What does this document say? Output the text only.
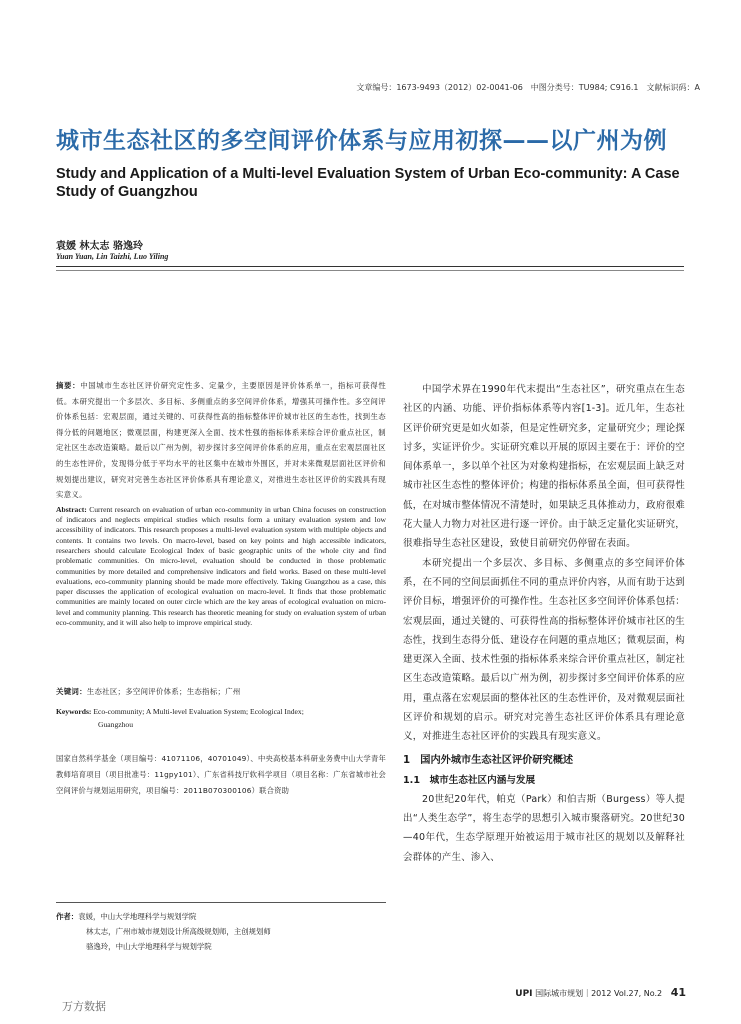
文章编号：1673-9493（2012）02-0041-06　中图分类号：TU984; C916.1　文献标识码：A
城市生态社区的多空间评价体系与应用初探——以广州为例
Study and Application of a Multi-level Evaluation System of Urban Eco-community: A Case Study of Guangzhou
袁媛 林太志 骆逸玲
Yuan Yuan, Lin Taizhi, Luo Yiling

摘要：中国城市生态社区评价研究定性多、定量少，主要原因是评价体系单一，指标可获得性低。本研究提出一个多层次、多目标、多侧重点的多空间评价体系，增强其可操作性。多空间评价体系包括：宏观层面，通过关键的、可获得性高的指标整体评价城市社区的生态性，找到生态得分低的问题地区；微观层面，构建更深入全面、技术性强的指标体系来综合评价重点社区，制定社区生态改造策略。最后以广州为例，初步探讨多空间评价体系的应用，重点在宏观层面社区的生态性评价，发现得分低于平均水平的社区集中在城市外围区，并对未来微观层面社区评价和规划提出建议，研究对完善生态社区评价体系具有理论意义，对推进生态社区评价的实践具有现实意义。

Abstract: Current research on evaluation of urban eco-community in urban China focuses on construction of indicators and neglects empirical studies which results form a unitary evaluation system and low accessibility of indicators. This research proposes a multi-level evaluation system with multiple objects and contents. It contains two levels. On macro-level, based on key points and high accessible indicators, researchers should calculate Ecological Index of basic geographic units of the whole city and find problematic communities. On micro-level, evaluation should be conducted in those problematic communities by more detailed and comprehensive indicators and field works. Based on these multi-level evaluations, eco-community planning should be made more effectively. Taking Guangzhou as a case, this paper discusses the application of ecological evaluation on macro-level. It finds that those problematic communities are mainly located on outer circle which are the key areas of ecological evaluation on micro-level and community planning. This research has theoretic meaning for study on evaluation system of urban eco-community, and it will also help to improve empirical study.

关键词：生态社区；多空间评价体系；生态指标；广州
Keywords: Eco-community; A Multi-level Evaluation System; Ecological Index;
Guangzhou

国家自然科学基金（项目编号：41071106，40701049）、中央高校基本科研业务费中山大学青年教师培育项目（项目批准号：11gpy101）、广东省科技厅软科学项目（项目名称：广东省城市社会空间评价与规划运用研究，项目编号：2011B070300106）联合资助

作者：袁媛，中山大学地理科学与规划学院
林太志，广州市城市规划设计所高级规划师，主创规划师
骆逸玲，中山大学地理科学与规划学院

中国学术界在1990年代末提出“生态社区”，研究重点在生态社区的内涵、功能、评价指标体系等内容[1-3]。近几年，生态社区评价研究更是如火如荼，但是定性研究多，定量研究少；理论探讨多，实证评价少。实证研究难以开展的原因主要在于：评价的空间体系单一，多以单个社区为对象构建指标，在宏观层面上缺乏对城市社区生态性的整体评价；构建的指标体系虽全面，但可获得性低，在对城市整体情况不清楚时，如果缺乏具体推动力，政府很难花大量人力物力对社区进行逐一评价。由于缺乏定量化实证研究，很难指导生态社区建设，致使目前研究仍停留在表面。

本研究提出一个多层次、多目标、多侧重点的多空间评价体系，在不同的空间层面抓住不同的重点评价内容，从而有助于达到评价目标，增强评价的可操作性。生态社区多空间评价体系包括：宏观层面，通过关键的、可获得性高的指标整体评价城市社区的生态性，找到生态得分低、建设存在问题的重点地区；微观层面，构建更深入全面、技术性强的指标体系来综合评价重点社区，制定社区生态改造策略。最后以广州为例，初步探讨多空间评价体系的应用，重点落在宏观层面的整体社区的生态性评价，及对微观层面社区评价和规划的启示。研究对完善生态社区评价体系具有理论意义，对推进生态社区评价的实践具有现实意义。

1　国内外城市生态社区评价研究概述
1.1　城市生态社区内涵与发展

20世纪20年代，帕克（Park）和伯吉斯（Burgess）等人提出“人类生态学”，将生态学的思想引入城市聚落研究。20世纪30—40年代，生态学原理开始被运用于城市社区的规划以及解释社会群体的产生、渗入、

UPI 国际城市规划｜2012 Vol.27, No.2 41
万方数据
